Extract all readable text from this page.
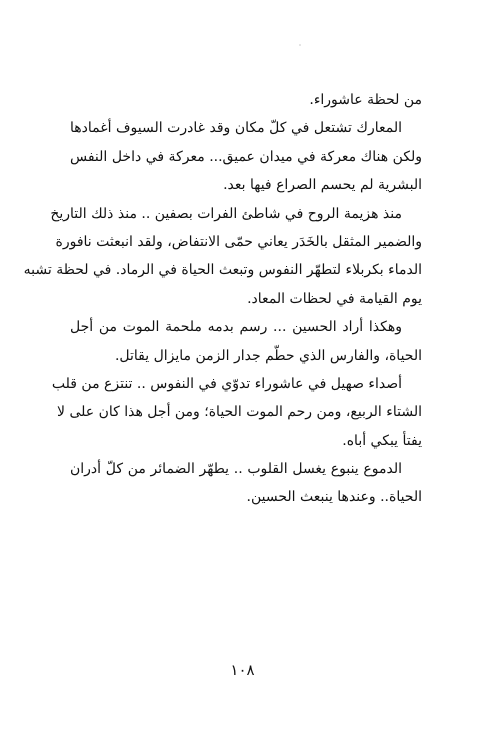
˙
من لحظة عاشوراء.
المعارك تشتعل في كلّ مكان وقد غادرت السيوف أغمادها
ولكن هناك معركة في ميدان عميق... معركة في داخل النفس
البشرية لم يحسم الصراع فيها بعد.
منذ هزيمة الروح في شاطئ الفرات بصفين .. منذ ذلك التاريخ
والضمير المثقل بالخَدَر يعاني حمّى الانتفاض، ولقد انبعثت نافورة
الدماء بكربلاء لتطهّر النفوس وتبعث الحياة في الرماد. في لحظة تشبه
يوم القيامة في لحظات المعاد.
وهكذا أراد الحسين ... رسم بدمه ملحمة الموت من أجل
الحياة، والفارس الذي حطّم جدار الزمن مايزال يقاتل.
أصداء صهيل في عاشوراء تدوّي في النفوس .. تنتزع من قلب
الشتاء الربيع، ومن رحم الموت الحياة؛ ومن أجل هذا كان على لا
يفتأ يبكي أباه.
الدموع ينبوع يغسل القلوب .. يطهّر الضمائر من كلّ أدران
الحياة.. وعندها ينبعث الحسين.
١٠٨
